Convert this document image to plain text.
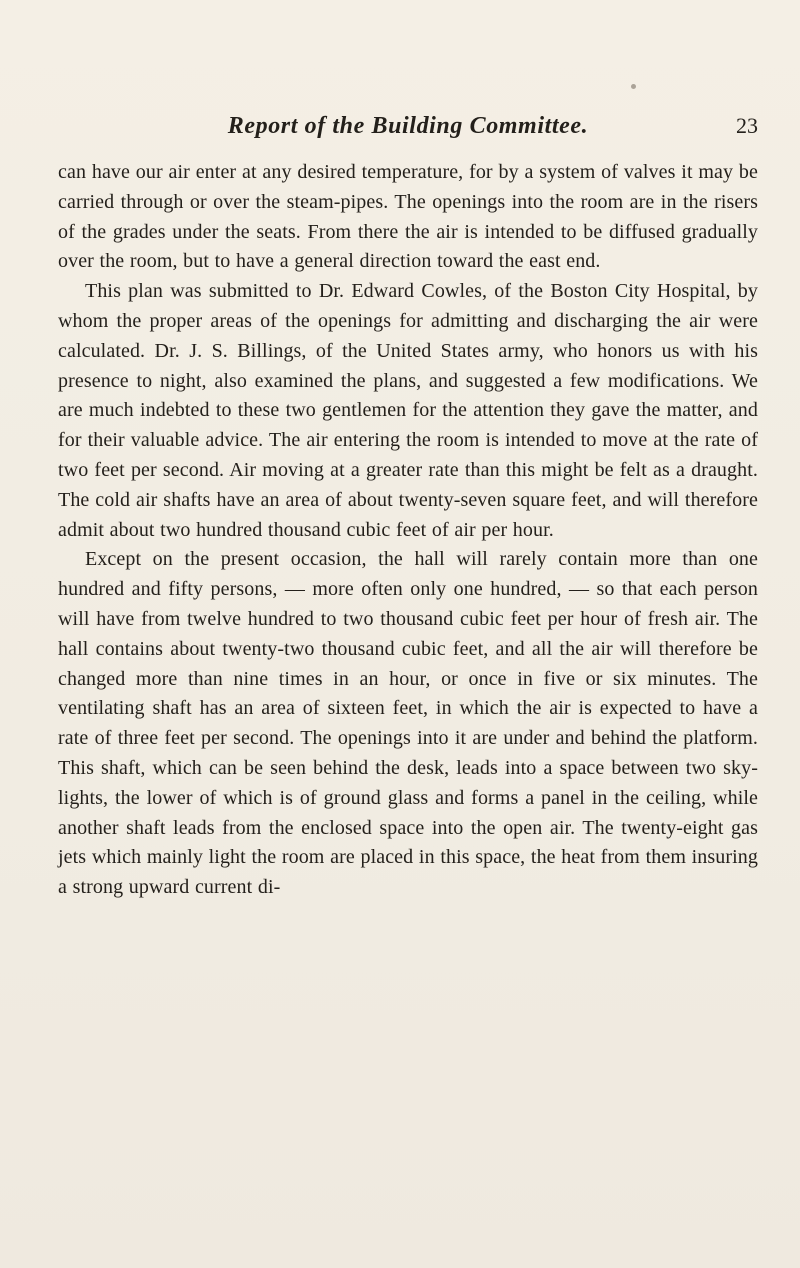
Report of the Building Committee.	23

can have our air enter at any desired temperature, for by a system of valves it may be carried through or over the steam-pipes. The openings into the room are in the risers of the grades under the seats. From there the air is intended to be diffused gradually over the room, but to have a general direction toward the east end.

This plan was submitted to Dr. Edward Cowles, of the Boston City Hospital, by whom the proper areas of the openings for admitting and discharging the air were calculated. Dr. J. S. Billings, of the United States army, who honors us with his presence to night, also examined the plans, and suggested a few modifications. We are much indebted to these two gentlemen for the attention they gave the matter, and for their valuable advice. The air entering the room is intended to move at the rate of two feet per second. Air moving at a greater rate than this might be felt as a draught. The cold air shafts have an area of about twenty-seven square feet, and will therefore admit about two hundred thousand cubic feet of air per hour.

Except on the present occasion, the hall will rarely contain more than one hundred and fifty persons, — more often only one hundred, — so that each person will have from twelve hundred to two thousand cubic feet per hour of fresh air. The hall contains about twenty-two thousand cubic feet, and all the air will therefore be changed more than nine times in an hour, or once in five or six minutes. The ventilating shaft has an area of sixteen feet, in which the air is expected to have a rate of three feet per second. The openings into it are under and behind the platform. This shaft, which can be seen behind the desk, leads into a space between two sky-lights, the lower of which is of ground glass and forms a panel in the ceiling, while another shaft leads from the enclosed space into the open air. The twenty-eight gas jets which mainly light the room are placed in this space, the heat from them insuring a strong upward current di-
